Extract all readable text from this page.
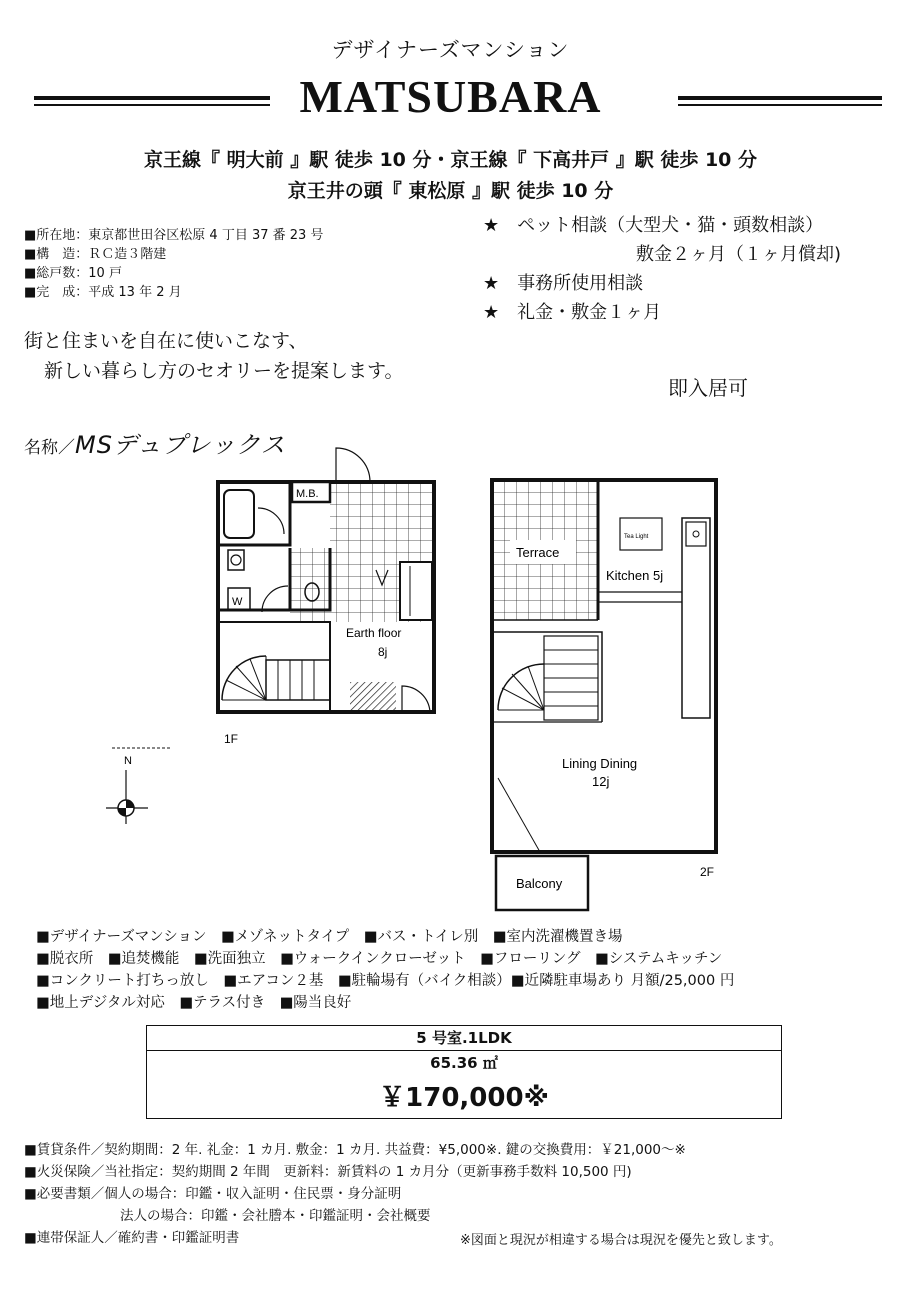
デザイナーズマンション
MATSUBARA
京王線『 明大前 』駅 徒歩 10 分・京王線『 下高井戸 』駅 徒歩 10 分
京王井の頭『 東松原 』駅 徒歩 10 分
■所在地：東京都世田谷区松原 4 丁目 37 番 23 号
■構　造：ＲＣ造３階建
■総戸数：10 戸
■完　成：平成 13 年 2 月
★　ペット相談（大型犬・猫・頭数相談）
敷金２ヶ月（１ヶ月償却)
★　事務所使用相談
★　礼金・敷金１ヶ月
街と住まいを自在に使いこなす、
新しい暮らし方のセオリーを提案します。
即入居可
名称／MSデュプレックス
M.B.
W
Earth floor
8j
1F
N
Terrace
Tea Light
Kitchen 5j
Lining Dining
12j
Balcony
2F
■デザイナーズマンション　■メゾネットタイプ　■バス・トイレ別　■室内洗濯機置き場
■脱衣所　■追焚機能　■洗面独立　■ウォークインクローゼット　■フローリング　■システムキッチン
■コンクリート打ちっ放し　■エアコン２基　■駐輪場有（バイク相談）■近隣駐車場あり 月額/25,000 円
■地上デジタル対応　■テラス付き　■陽当良好
5 号室.1LDK
65.36 ㎡
￥170,000※
■賃貸条件／契約期間：2 年. 礼金：1 カ月. 敷金：1 カ月. 共益費：¥5,000※. 鍵の交換費用：￥21,000～※
■火災保険／当社指定：契約期間 2 年間　更新料：新賃料の 1 カ月分（更新事務手数料 10,500 円)
■必要書類／個人の場合：印鑑・収入証明・住民票・身分証明
法人の場合：印鑑・会社謄本・印鑑証明・会社概要
■連帯保証人／確約書・印鑑証明書	※図面と現況が相違する場合は現況を優先と致します。
